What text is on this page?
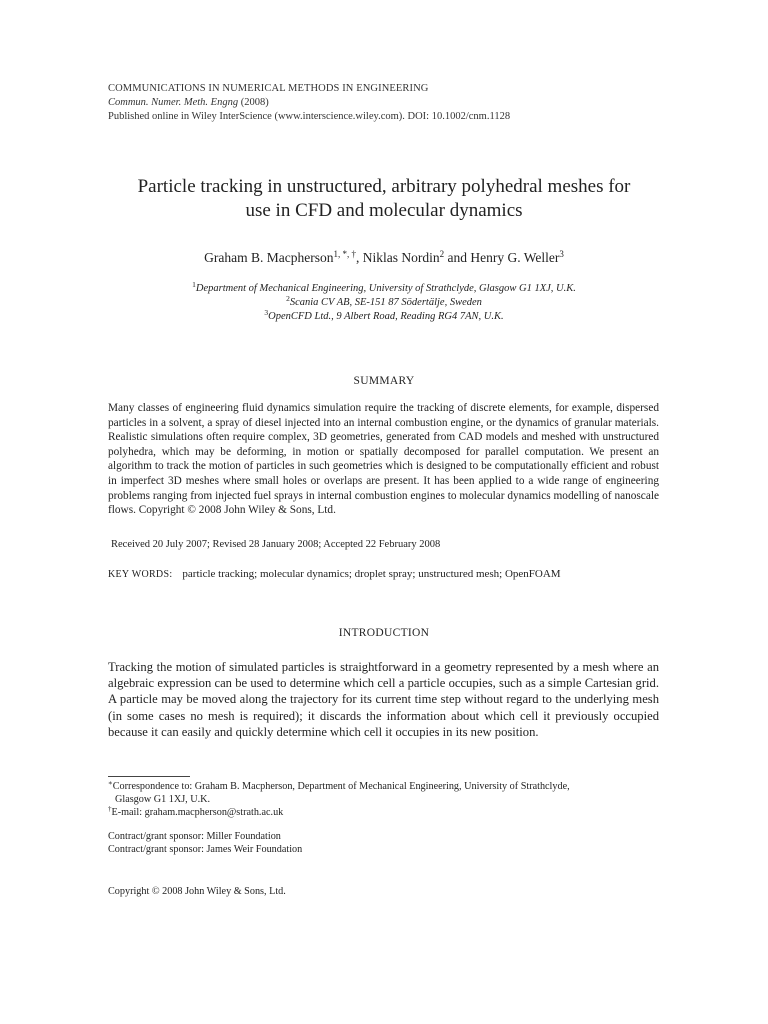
COMMUNICATIONS IN NUMERICAL METHODS IN ENGINEERING
Commun. Numer. Meth. Engng (2008)
Published online in Wiley InterScience (www.interscience.wiley.com). DOI: 10.1002/cnm.1128
Particle tracking in unstructured, arbitrary polyhedral meshes for
use in CFD and molecular dynamics
Graham B. Macpherson$^{1, *, \dagger}$, Niklas Nordin$^2$ and Henry G. Weller$^3$
$^1$Department of Mechanical Engineering, University of Strathclyde, Glasgow G1 1XJ, U.K.
$^2$Scania CV AB, SE-151 87 Södertälje, Sweden
$^3$OpenCFD Ltd., 9 Albert Road, Reading RG4 7AN, U.K.
SUMMARY
Many classes of engineering fluid dynamics simulation require the tracking of discrete elements, for example, dispersed particles in a solvent, a spray of diesel injected into an internal combustion engine, or the dynamics of granular materials. Realistic simulations often require complex, 3D geometries, generated from CAD models and meshed with unstructured polyhedra, which may be deforming, in motion or spatially decomposed for parallel computation. We present an algorithm to track the motion of particles in such geometries which is designed to be computationally efficient and robust in imperfect 3D meshes where small holes or overlaps are present. It has been applied to a wide range of engineering problems ranging from injected fuel sprays in internal combustion engines to molecular dynamics modelling of nanoscale flows. Copyright © 2008 John Wiley & Sons, Ltd.
Received 20 July 2007; Revised 28 January 2008; Accepted 22 February 2008
KEY WORDS: particle tracking; molecular dynamics; droplet spray; unstructured mesh; OpenFOAM
INTRODUCTION
Tracking the motion of simulated particles is straightforward in a geometry represented by a mesh where an algebraic expression can be used to determine which cell a particle occupies, such as a simple Cartesian grid. A particle may be moved along the trajectory for its current time step without regard to the underlying mesh (in some cases no mesh is required); it discards the information about which cell it previously occupied because it can easily and quickly determine which cell it occupies in its new position.
∗Correspondence to: Graham B. Macpherson, Department of Mechanical Engineering, University of Strathclyde,
Glasgow G1 1XJ, U.K.
†E-mail: graham.macpherson@strath.ac.uk
Contract/grant sponsor: Miller Foundation
Contract/grant sponsor: James Weir Foundation
Copyright © 2008 John Wiley & Sons, Ltd.
